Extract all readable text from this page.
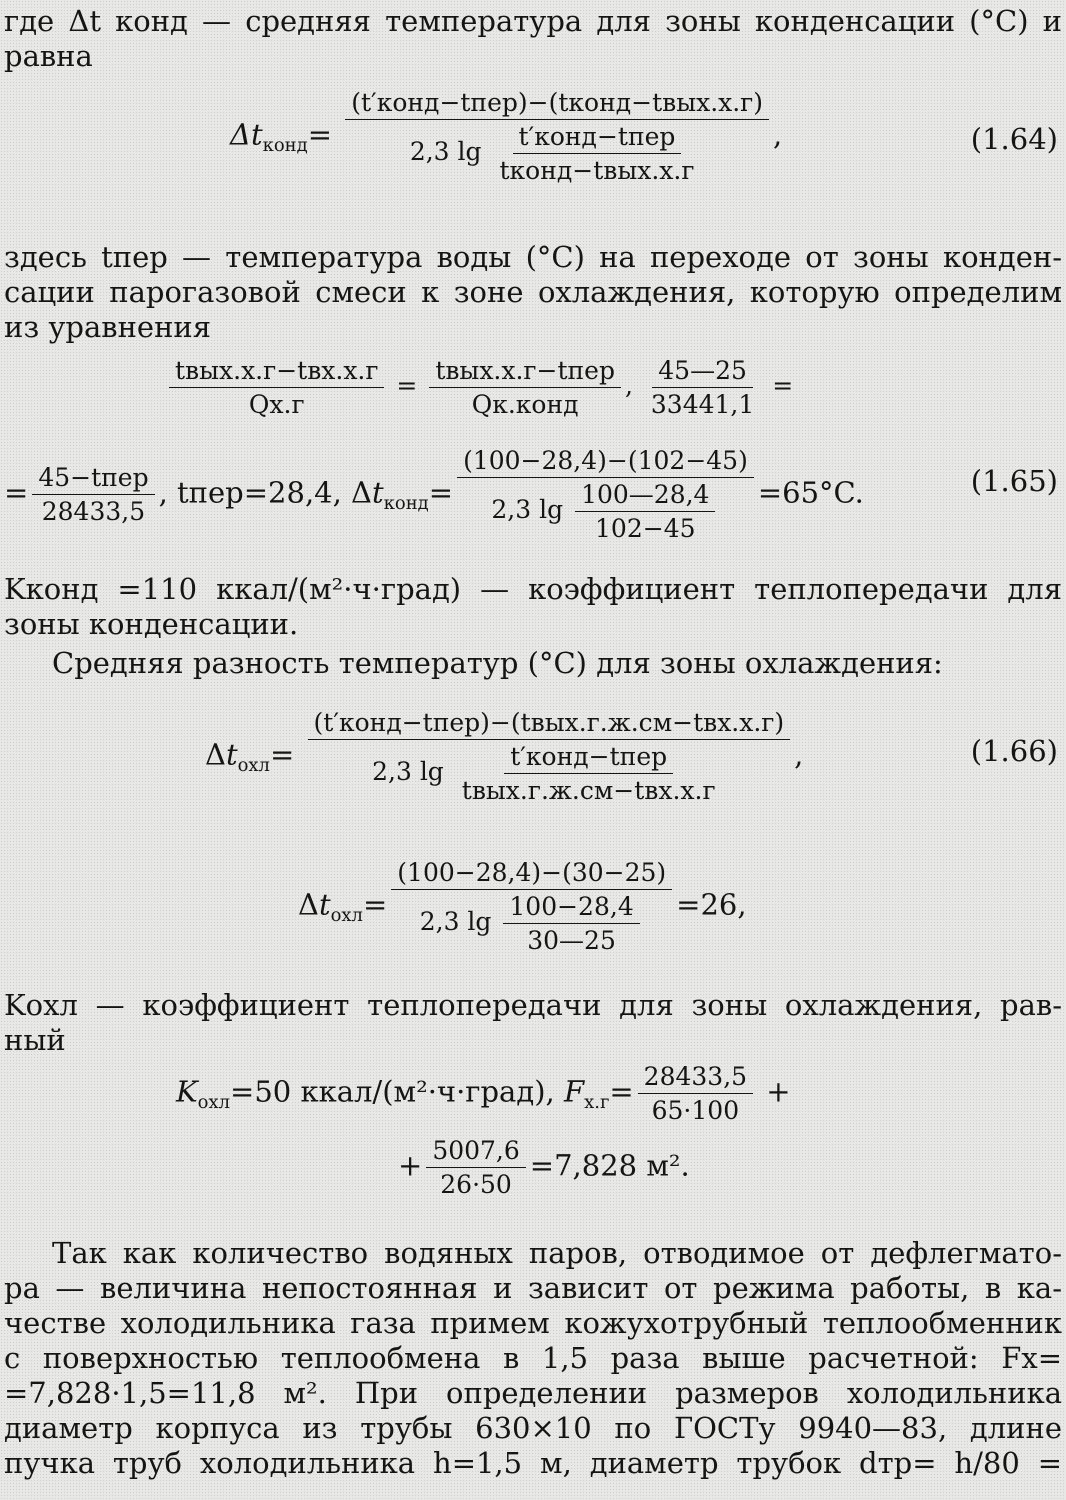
где Δt конд — средняя температура для зоны конденсации (°C) и
равна
$\Delta t_{конд}=$
(t′конд−tпер)−(tконд−tвых.х.г)
2,3 $\lg \frac{\text{t′конд−tпер}}{\text{tконд−tвых.х.г}}$	,	(1.64)
здесь tпер — температура воды (°C) на переходе от зоны конден-
сации парогазовой смеси к зоне охлаждения, которую определим
из уравнения
$\frac{\text{tвых.х.г−tвх.х.г}}{Qх.г} = \frac{\text{tвых.х.г−tпер}}{\text{Qк.конд}}$ , $\frac{45—25}{33441,1}$ =
= $\frac{\text{45−tпер}}{28433,5}$ , tпер=28,4, $\Delta t_{конд}= \frac{(100-28,4)-(102-45)}{2,3 \lg \frac{100—28,4}{102-45}} =65^\circ C$.	(1.65)
Kконд =110 ккал/(м²·ч·град) — коэффициент теплопередачи для
зоны конденсации.
Средняя разность температур (°C) для зоны охлаждения:
$\Delta t_{охл}=$
(t′конд−tпер)−(tвых.г.ж.см−tвх.х.г)
2,3 $\lg \frac{\text{t′конд−tпер}}{\text{tвых.г.ж.см−tвх.х.г}}$	,	(1.66)
$\Delta t_{охл}= \frac{(100-28,4)-(30-25)}{2,3 \lg \frac{100-28,4}{30—25}} =26$,
Kохл — коэффициент теплопередачи для зоны охлаждения, рав-
ный
$K_{охл}=50$ ккал/(м²·ч·град), $F_{х.г}= \frac{28433,5}{65\cdot 100}$ +
+ $\frac{5007,6}{26\cdot 50} =7,828$ м².
Так как количество водяных паров, отводимое от дефлегмато-
ра — величина непостоянная и зависит от режима работы, в ка-
честве холодильника газа примем кожухотрубный теплообменник
с поверхностью теплообмена в 1,5 раза выше расчетной: Fx=
=7,828·1,5=11,8 м². При определении размеров холодильника
диаметр корпуса из трубы 630×10 по ГОСТу 9940—83, длине
пучка труб холодильника h=1,5 м, диаметр трубок dтр= h/80 =
